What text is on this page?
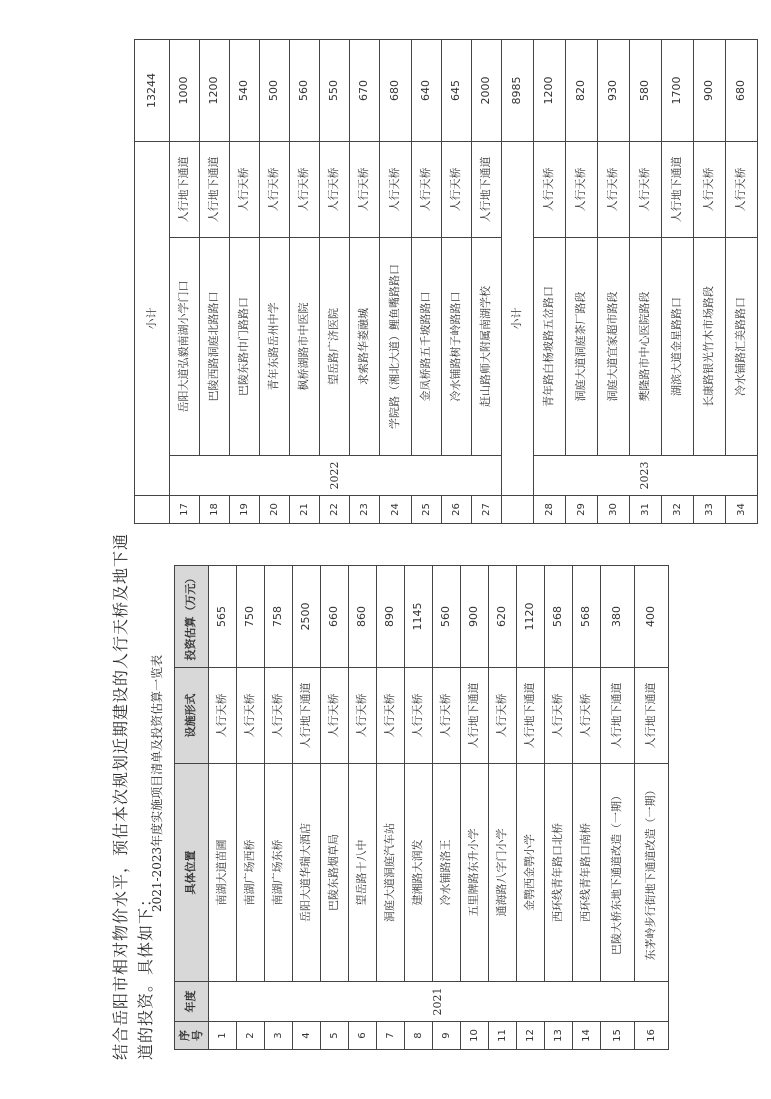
结合岳阳市相对物价水平，预估本次规划近期建设的人行天桥及地下通 道的投资。具体如下：
2021-2023年度实施项目清单及投资估算一览表
序号	年度	具体位置	设施形式	投资估算（万元）
1	2021	南湖大道苗圃	人行天桥	565
2		南湖广场西桥	人行天桥	750
3		南湖广场东桥	人行天桥	758
4		岳阳大道华瑞大酒店	人行地下通道	2500
5		巴陵东路烟草局	人行天桥	660
6		望岳路十八中	人行天桥	860
7		洞庭大道洞庭汽车站	人行天桥	890
8		建湘路大润发	人行天桥	1145
9		冷水铺路洛王	人行天桥	560
10		五里牌路东升小学	人行地下通道	900
11		通海路八字门小学	人行天桥	620
12		金鹗西金鹗小学	人行地下通道	1120
13		西环线青年路口北桥	人行天桥	568
14		西环线青年路口南桥	人行天桥	568
15		巴陵大桥东地下通道改造（一期）	人行地下通道	380
16		东茅岭步行街地下通道改造（一期）	人行地下通道	400
	小计			13244
17	2022	岳阳大道弘毅南湖小学门口	人行地下通道	1000
18		巴陵西路洞庭北路路口	人行地下通道	1200
19		巴陵东路巾门路路口	人行天桥	540
20		青年东路岳州中学	人行天桥	500
21		枫桥湖路市中医院	人行天桥	560
22		望岳路广济医院	人行天桥	550
23		求索路华菱融城	人行天桥	670
24		学院路（湘北大道）鲤鱼嘴路路口	人行天桥	680
25		金凤桥路五千坡路路口	人行天桥	640
26		冷水铺路树子岭路路口	人行天桥	645
27		赶山路师大附属南湖学校	人行地下通道	2000
	小计			8985
28	2023	青年路白杨坡路五岔路口	人行天桥	1200
29		洞庭大道洞庭茶厂路段	人行天桥	820
30		洞庭大道宜家超市路段	人行天桥	930
31		樊隆路市中心医院路段	人行天桥	580
32		湖滨大道金星路路口	人行地下通道	1700
33		长康路银光竹木市场路段	人行天桥	900
34		冷水铺路汇美路路口	人行天桥	680
